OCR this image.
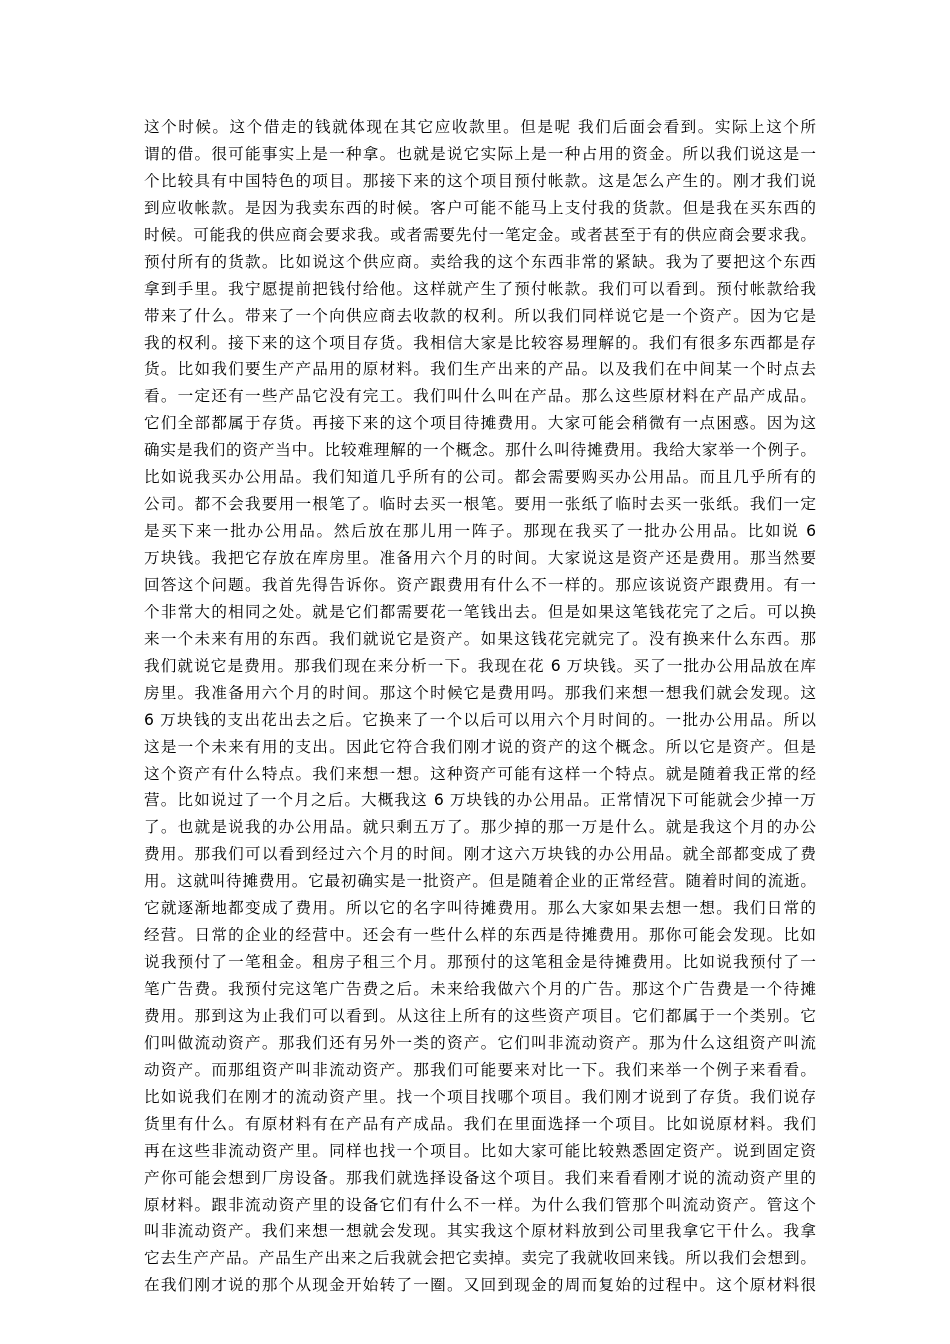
这个时候。这个借走的钱就体现在其它应收款里。但是呢 我们后面会看到。实际上这个所
谓的借。很可能事实上是一种拿。也就是说它实际上是一种占用的资金。所以我们说这是一
个比较具有中国特色的项目。那接下来的这个项目预付帐款。这是怎么产生的。刚才我们说
到应收帐款。是因为我卖东西的时候。客户可能不能马上支付我的货款。但是我在买东西的
时候。可能我的供应商会要求我。或者需要先付一笔定金。或者甚至于有的供应商会要求我。
预付所有的货款。比如说这个供应商。卖给我的这个东西非常的紧缺。我为了要把这个东西
拿到手里。我宁愿提前把钱付给他。这样就产生了预付帐款。我们可以看到。预付帐款给我
带来了什么。带来了一个向供应商去收款的权利。所以我们同样说它是一个资产。因为它是
我的权利。接下来的这个项目存货。我相信大家是比较容易理解的。我们有很多东西都是存
货。比如我们要生产产品用的原材料。我们生产出来的产品。以及我们在中间某一个时点去
看。一定还有一些产品它没有完工。我们叫什么叫在产品。那么这些原材料在产品产成品。
它们全部都属于存货。再接下来的这个项目待摊费用。大家可能会稍微有一点困惑。因为这
确实是我们的资产当中。比较难理解的一个概念。那什么叫待摊费用。我给大家举一个例子。
比如说我买办公用品。我们知道几乎所有的公司。都会需要购买办公用品。而且几乎所有的
公司。都不会我要用一根笔了。临时去买一根笔。要用一张纸了临时去买一张纸。我们一定
是买下来一批办公用品。然后放在那儿用一阵子。那现在我买了一批办公用品。比如说 6
万块钱。我把它存放在库房里。准备用六个月的时间。大家说这是资产还是费用。那当然要
回答这个问题。我首先得告诉你。资产跟费用有什么不一样的。那应该说资产跟费用。有一
个非常大的相同之处。就是它们都需要花一笔钱出去。但是如果这笔钱花完了之后。可以换
来一个未来有用的东西。我们就说它是资产。如果这钱花完就完了。没有换来什么东西。那
我们就说它是费用。那我们现在来分析一下。我现在花 6 万块钱。买了一批办公用品放在库
房里。我准备用六个月的时间。那这个时候它是费用吗。那我们来想一想我们就会发现。这
6 万块钱的支出花出去之后。它换来了一个以后可以用六个月时间的。一批办公用品。所以
这是一个未来有用的支出。因此它符合我们刚才说的资产的这个概念。所以它是资产。但是
这个资产有什么特点。我们来想一想。这种资产可能有这样一个特点。就是随着我正常的经
营。比如说过了一个月之后。大概我这 6 万块钱的办公用品。正常情况下可能就会少掉一万
了。也就是说我的办公用品。就只剩五万了。那少掉的那一万是什么。就是我这个月的办公
费用。那我们可以看到经过六个月的时间。刚才这六万块钱的办公用品。就全部都变成了费
用。这就叫待摊费用。它最初确实是一批资产。但是随着企业的正常经营。随着时间的流逝。
它就逐渐地都变成了费用。所以它的名字叫待摊费用。那么大家如果去想一想。我们日常的
经营。日常的企业的经营中。还会有一些什么样的东西是待摊费用。那你可能会发现。比如
说我预付了一笔租金。租房子租三个月。那预付的这笔租金是待摊费用。比如说我预付了一
笔广告费。我预付完这笔广告费之后。未来给我做六个月的广告。那这个广告费是一个待摊
费用。那到这为止我们可以看到。从这往上所有的这些资产项目。它们都属于一个类别。它
们叫做流动资产。那我们还有另外一类的资产。它们叫非流动资产。那为什么这组资产叫流
动资产。而那组资产叫非流动资产。那我们可能要来对比一下。我们来举一个例子来看看。
比如说我们在刚才的流动资产里。找一个项目找哪个项目。我们刚才说到了存货。我们说存
货里有什么。有原材料有在产品有产成品。我们在里面选择一个项目。比如说原材料。我们
再在这些非流动资产里。同样也找一个项目。比如大家可能比较熟悉固定资产。说到固定资
产你可能会想到厂房设备。那我们就选择设备这个项目。我们来看看刚才说的流动资产里的
原材料。跟非流动资产里的设备它们有什么不一样。为什么我们管那个叫流动资产。管这个
叫非流动资产。我们来想一想就会发现。其实我这个原材料放到公司里我拿它干什么。我拿
它去生产产品。产品生产出来之后我就会把它卖掉。卖完了我就收回来钱。所以我们会想到。
在我们刚才说的那个从现金开始转了一圈。又回到现金的周而复始的过程中。这个原材料很
